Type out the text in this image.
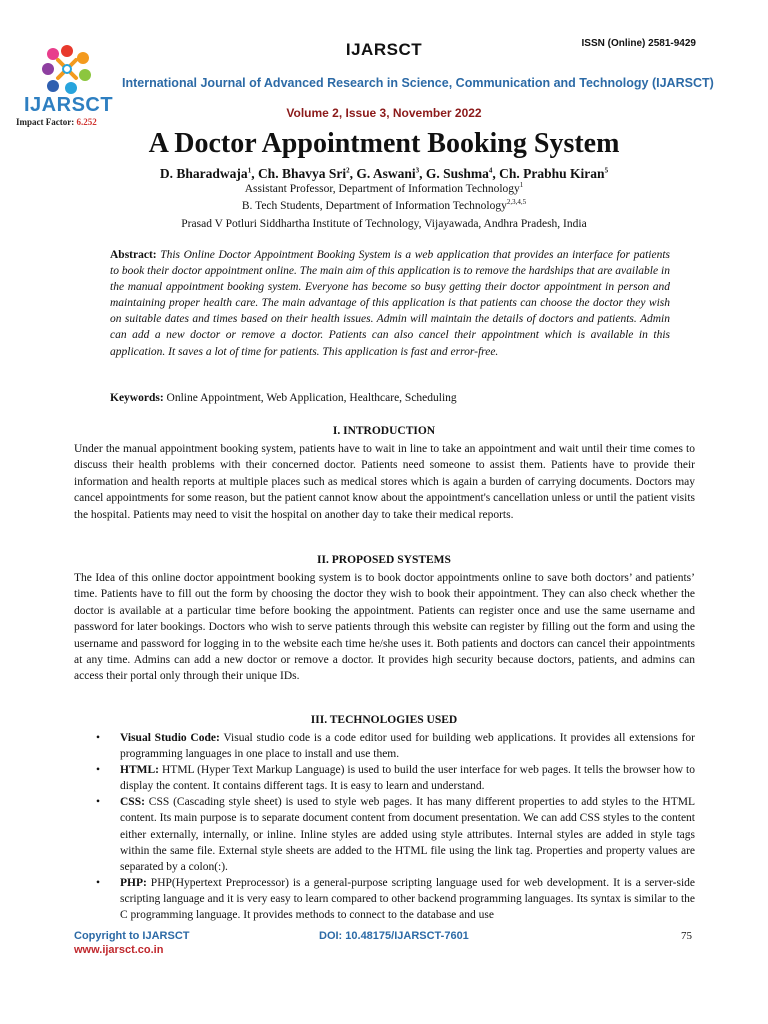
IJARSCT
Impact Factor: 6.252
IJARSCT	ISSN (Online) 2581-9429
International Journal of Advanced Research in Science, Communication and Technology (IJARSCT)
Volume 2, Issue 3, November 2022
A Doctor Appointment Booking System
D. Bharadwaja$^1$, Ch. Bhavya Sri$^2$, G. Aswani$^3$, G. Sushma$^4$, Ch. Prabhu Kiran$^5$
Assistant Professor, Department of Information Technology$^1$
B. Tech Students, Department of Information Technology$^{2,3,4,5}$
Prasad V Potluri Siddhartha Institute of Technology, Vijayawada, Andhra Pradesh, India
Abstract: This Online Doctor Appointment Booking System is a web application that provides an interface for patients to book their doctor appointment online. The main aim of this application is to remove the hardships that are available in the manual appointment booking system. Everyone has become so busy getting their doctor appointment in person and maintaining proper health care. The main advantage of this application is that patients can choose the doctor they wish on suitable dates and times based on their health issues. Admin will maintain the details of doctors and patients. Admin can add a new doctor or remove a doctor. Patients can also cancel their appointment which is available in this application. It saves a lot of time for patients. This application is fast and error-free.
Keywords: Online Appointment, Web Application, Healthcare, Scheduling
I. INTRODUCTION
Under the manual appointment booking system, patients have to wait in line to take an appointment and wait until their time comes to discuss their health problems with their concerned doctor. Patients need someone to assist them. Patients have to provide their information and health reports at multiple places such as medical stores which is again a burden of carrying documents. Doctors may cancel appointments for some reason, but the patient cannot know about the appointment's cancellation unless or until the patient visits the hospital. Patients may need to visit the hospital on another day to take their medical reports.
II. PROPOSED SYSTEMS
The Idea of this online doctor appointment booking system is to book doctor appointments online to save both doctors’ and patients’ time. Patients have to fill out the form by choosing the doctor they wish to book their appointment. They can also check whether the doctor is available at a particular time before booking the appointment. Patients can register once and use the same username and password for later bookings. Doctors who wish to serve patients through this website can register by filling out the form and using the username and password for logging in to the website each time he/she uses it. Both patients and doctors can cancel their appointments at any time. Admins can add a new doctor or remove a doctor. It provides high security because doctors, patients, and admins can access their portal only through their unique IDs.
III. TECHNOLOGIES USED
• Visual Studio Code: Visual studio code is a code editor used for building web applications. It provides all extensions for programming languages in one place to install and use them.
• HTML: HTML (Hyper Text Markup Language) is used to build the user interface for web pages. It tells the browser how to display the content. It contains different tags. It is easy to learn and understand.
• CSS: CSS (Cascading style sheet) is used to style web pages. It has many different properties to add styles to the HTML content. Its main purpose is to separate document content from document presentation. We can add CSS styles to the content either externally, internally, or inline. Inline styles are added using style attributes. Internal styles are added in style tags within the same file. External style sheets are added to the HTML file using the link tag. Properties and property values are separated by a colon(:).
• PHP: PHP(Hypertext Preprocessor) is a general-purpose scripting language used for web development. It is a server-side scripting language and it is very easy to learn compared to other backend programming languages. Its syntax is similar to the C programming language. It provides methods to connect to the database and use
Copyright to IJARSCT
www.ijarsct.co.in
DOI: 10.48175/IJARSCT-7601	75
